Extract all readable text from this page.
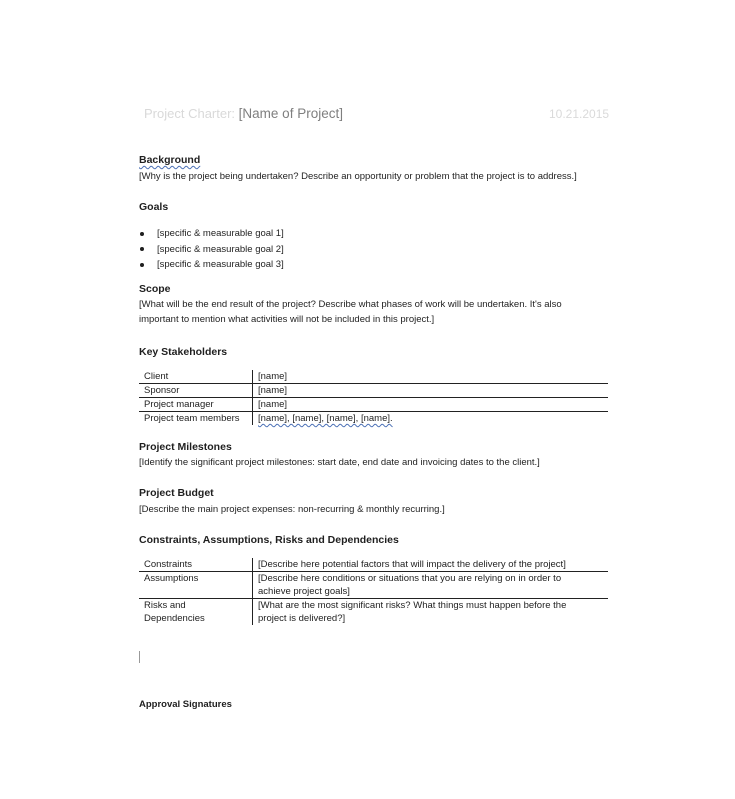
Project Charter: [Name of Project]	10.21.2015
Background
[Why is the project being undertaken? Describe an opportunity or problem that the project is to address.]
Goals
[specific & measurable goal 1]
[specific & measurable goal 2]
[specific & measurable goal 3]
Scope
[What will be the end result of the project? Describe what phases of work will be undertaken. It's also
important to mention what activities will not be included in this project.]
Key Stakeholders
Client	[name]
Sponsor	[name]
Project manager	[name]
Project team members	[name], [name], [name], [name].
Project Milestones
[Identify the significant project milestones: start date, end date and invoicing dates to the client.]
Project Budget
[Describe the main project expenses: non-recurring & monthly recurring.]
Constraints, Assumptions, Risks and Dependencies
Constraints	[Describe here potential factors that will impact the delivery of the project]
Assumptions	[Describe here conditions or situations that you are relying on in order to
achieve project goals]
Risks and
Dependencies	[What are the most significant risks? What things must happen before the
project is delivered?]
Approval Signatures
